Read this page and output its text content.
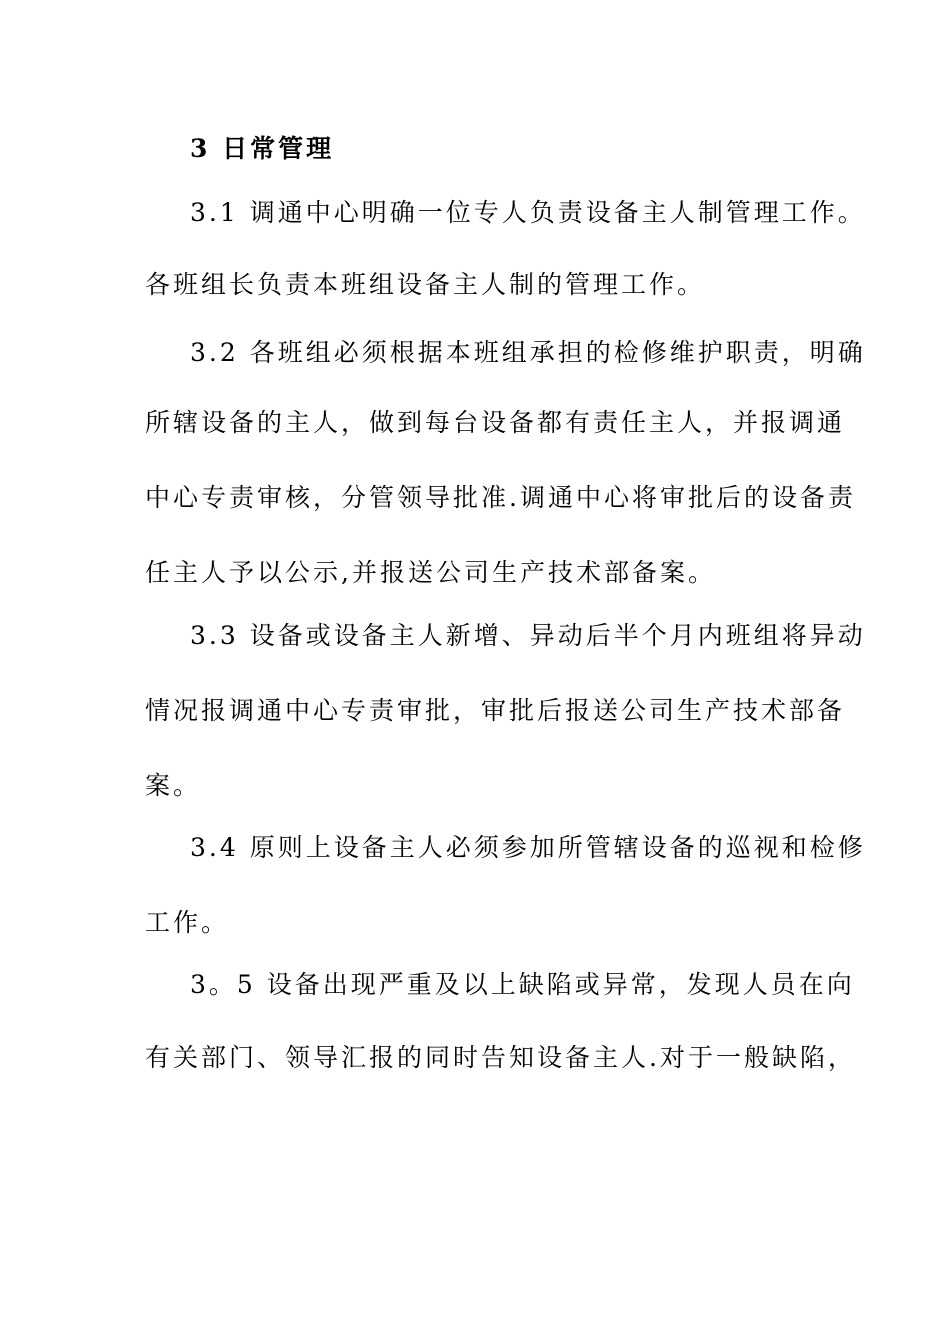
3 日常管理
3.1 调通中心明确一位专人负责设备主人制管理工作。
各班组长负责本班组设备主人制的管理工作。
3.2 各班组必须根据本班组承担的检修维护职责，明确
所辖设备的主人，做到每台设备都有责任主人，并报调通
中心专责审核，分管领导批准.调通中心将审批后的设备责
任主人予以公示,并报送公司生产技术部备案。
3.3 设备或设备主人新增、异动后半个月内班组将异动
情况报调通中心专责审批，审批后报送公司生产技术部备
案。
3.4 原则上设备主人必须参加所管辖设备的巡视和检修
工作。
3。5 设备出现严重及以上缺陷或异常，发现人员在向
有关部门、领导汇报的同时告知设备主人.对于一般缺陷，
